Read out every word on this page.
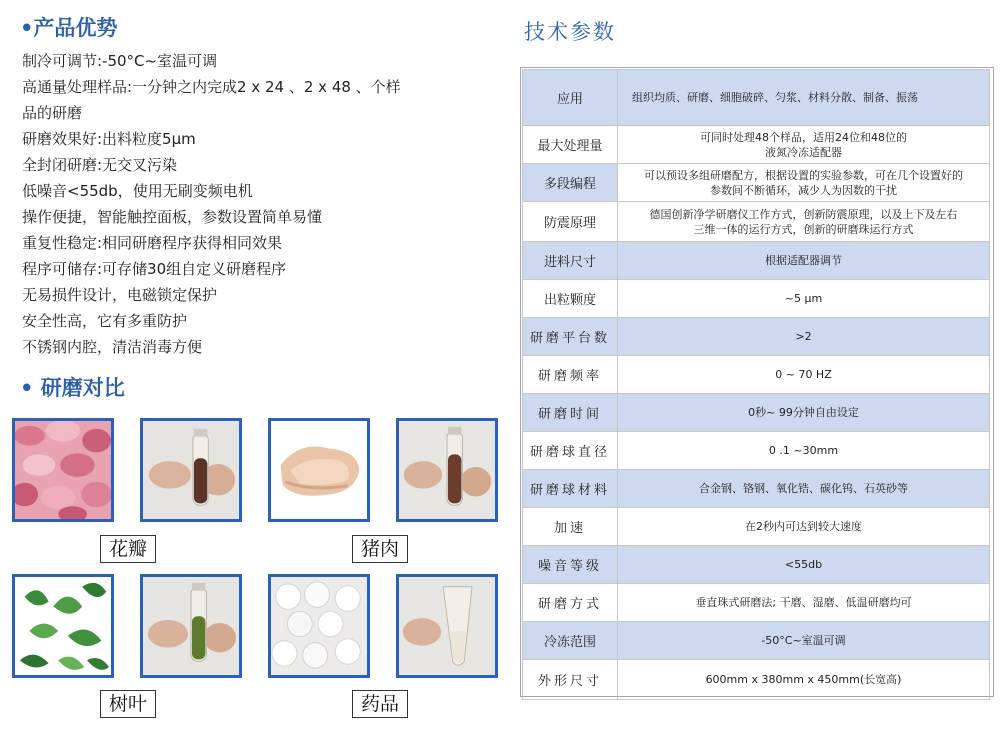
•产品优势
制冷可调节:-50°C~室温可调
高通量处理样品:一分钟之内完成2 x 24 、2 x 48 、个样
品的研磨
研磨效果好:出料粒度5μm
全封闭研磨:无交叉污染
低噪音<55db，使用无刷变频电机
操作便捷，智能触控面板，参数设置简单易懂
重复性稳定:相同研磨程序获得相同效果
程序可储存:可存储30组自定义研磨程序
无易损件设计，电磁锁定保护
安全性高，它有多重防护
不锈钢内腔，清洁消毒方便
• 研磨对比
花瓣	猪肉
树叶	药品
技术参数
应用	组织均质、研磨、细胞破碎、匀浆、材料分散、制备、振荡
最大处理量	可同时处理48个样品，适用24位和48位的
液氮冷冻适配器

多段编程	可以预设多组研磨配方，根据设置的实验参数，可在几个设置好的
参数间不断循环，减少人为因数的干扰

防震原理	德国创新净学研磨仪工作方式，创新防震原理，以及上下及左右
三维一体的运行方式，创新的研磨珠运行方式

进料尺寸	根据适配器调节
出粒颗度	~5 μm
研磨平台数	>2
研磨频率	0 ~ 70 HZ
研磨时间	0秒~ 99分钟自由设定
研磨球直径	0 .1 ~30mm
研磨球材料	合金钢、铬钢、氧化锆、碳化钨、石英砂等
加速	在2秒内可达到较大速度
噪音等级	<55db
研磨方式	垂直珠式研磨法; 干磨、湿磨、低温研磨均可
冷冻范围	-50°C~室温可调
外形尺寸	600mm x 380mm x 450mm(长宽高)
